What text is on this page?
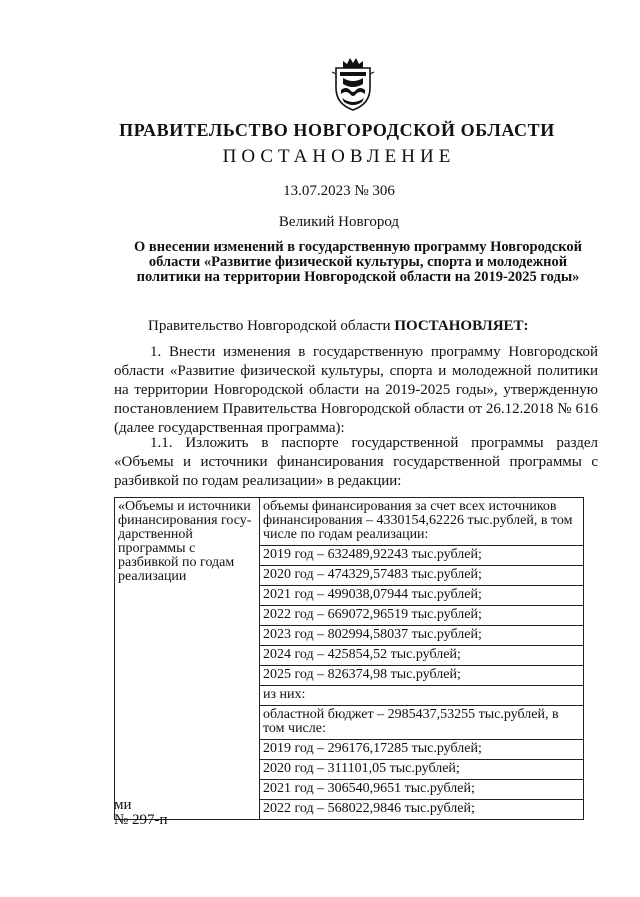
ПРАВИТЕЛЬСТВО НОВГОРОДСКОЙ ОБЛАСТИ
ПОСТАНОВЛЕНИЕ
13.07.2023 № 306
Великий Новгород
О внесении изменений в государственную программу Новгородской
области «Развитие физической культуры, спорта и молодежной
политики на территории Новгородской области на 2019-2025 годы»
Правительство Новгородской области ПОСТАНОВЛЯЕТ:
1. Внести изменения в государственную программу Новгородской области «Развитие физической культуры, спорта и молодежной политики на территории Новгородской области на 2019-2025 годы», утвержденную постановлением Правительства Новгородской области от 26.12.2018 № 616 (далее государственная программа):
1.1. Изложить в паспорте государственной программы раздел «Объемы и источники финансирования государственной программы с разбивкой по годам реализации» в редакции:
«Объемы и источники финансирования госу-дарственной программы с разбивкой по годам реализации	объемы финансирования за счет всех источников финансирования – 4330154,62226 тыс.рублей, в том числе по годам реализации:
2019 год – 632489,92243 тыс.рублей;
2020 год – 474329,57483 тыс.рублей;
2021 год – 499038,07944 тыс.рублей;
2022 год – 669072,96519 тыс.рублей;
2023 год – 802994,58037 тыс.рублей;
2024 год – 425854,52 тыс.рублей;
2025 год – 826374,98 тыс.рублей;
из них:
областной бюджет – 2985437,53255 тыс.рублей, в том числе:
2019 год – 296176,17285 тыс.рублей;
2020 год – 311101,05 тыс.рублей;
2021 год – 306540,9651 тыс.рублей;
2022 год – 568022,9846 тыс.рублей;
ми
№ 297-п
